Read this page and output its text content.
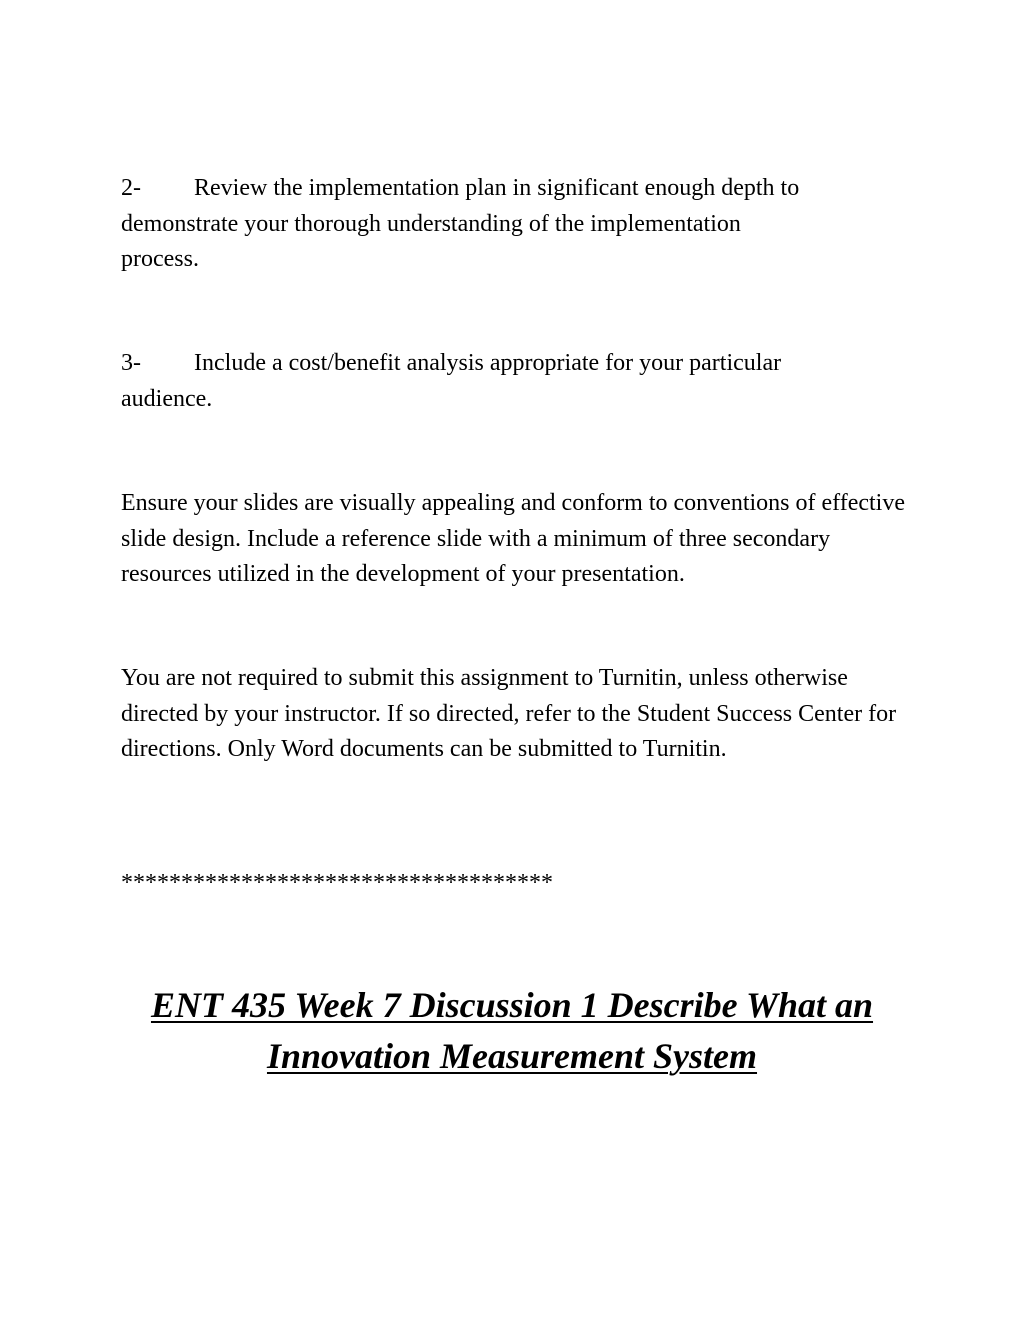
2- Review the implementation plan in significant enough depth to
demonstrate your thorough understanding of the implementation process.
3- Include a cost/benefit analysis appropriate for your particular
audience.

Ensure your slides are visually appealing and conform to conventions of effective slide design. Include a reference slide with a minimum of three secondary resources utilized in the development of your presentation.

You are not required to submit this assignment to Turnitin, unless otherwise directed by your instructor. If so directed, refer to the Student Success Center for directions. Only Word documents can be submitted to Turnitin.

************************************

ENT 435 Week 7 Discussion 1 Describe What an
Innovation Measurement System
